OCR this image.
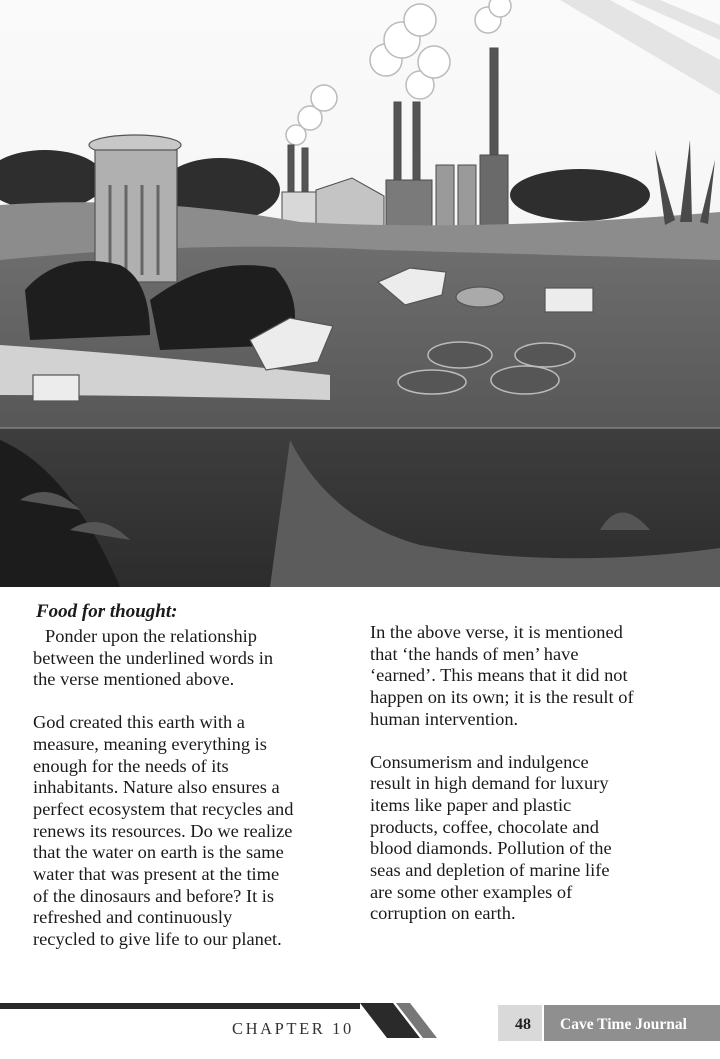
Food for thought:

Ponder upon the relationship
between the underlined words in
the verse mentioned above.

God created this earth with a
measure, meaning everything is
enough for the needs of its
inhabitants. Nature also ensures a
perfect ecosystem that recycles and
renews its resources. Do we realize
that the water on earth is the same
water that was present at the time
of the dinosaurs and before? It is
refreshed and continuously
recycled to give life to our planet.

In the above verse, it is mentioned
that ‘the hands of men’ have
‘earned’. This means that it did not
happen on its own; it is the result of
human intervention.

Consumerism and indulgence
result in high demand for luxury
items like paper and plastic
products, coffee, chocolate and
blood diamonds. Pollution of the
seas and depletion of marine life
are some other examples of
corruption on earth.

CHAPTER 10	48 Cave Time Journal
